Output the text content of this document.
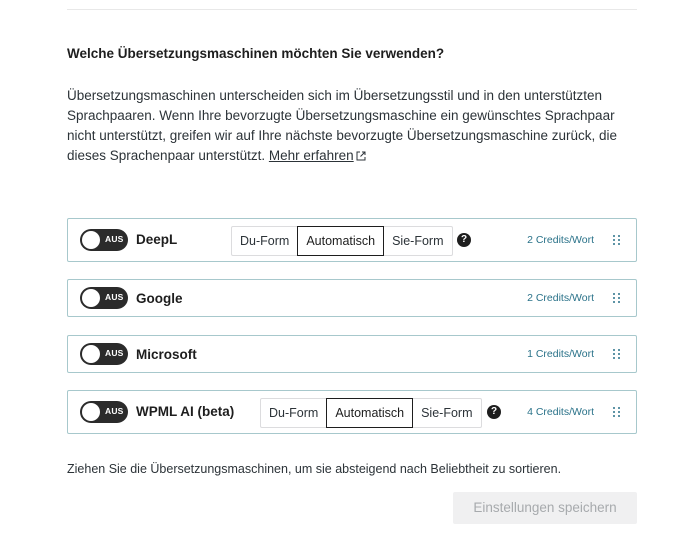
Welche Übersetzungsmaschinen möchten Sie verwenden?
Übersetzungsmaschinen unterscheiden sich im Übersetzungsstil und in den unterstützten Sprachpaaren. Wenn Ihre bevorzugte Übersetzungsmaschine ein gewünschtes Sprachpaar nicht unterstützt, greifen wir auf Ihre nächste bevorzugte Übersetzungsmaschine zurück, die dieses Sprachenpaar unterstützt. Mehr erfahren
AUS DeepL	Du-Form	Automatisch	Sie-Form	?	2 Credits/Wort
AUS Google	2 Credits/Wort
AUS Microsoft	1 Credits/Wort
AUS WPML AI (beta)	Du-Form	Automatisch	Sie-Form	?	4 Credits/Wort
Ziehen Sie die Übersetzungsmaschinen, um sie absteigend nach Beliebtheit zu sortieren.
Einstellungen speichern
